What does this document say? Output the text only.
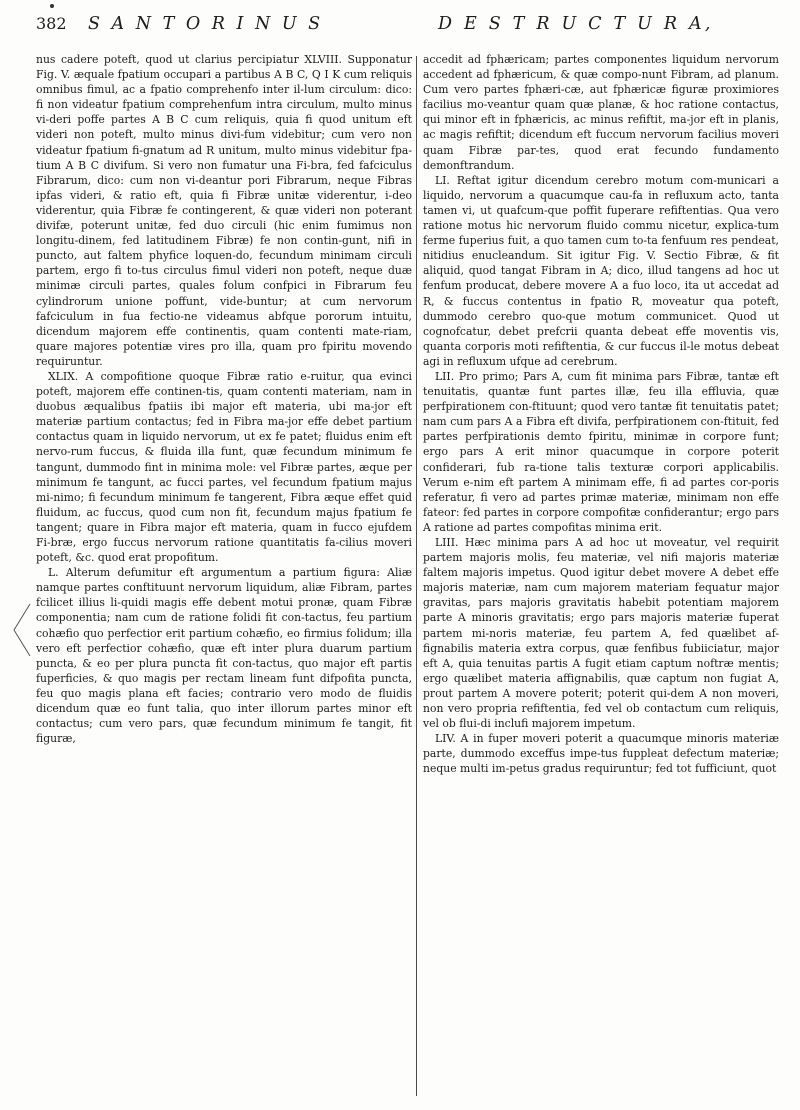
382	S A N T O R I N U S	D E S T R U C T U R A,

nus cadere poteft, quod ut clarius percipiatur XLVIII. Supponatur Fig. V. æquale fpatium occupari a partibus A B C, Q I K cum reliquis omnibus fimul, ac a fpatio comprehenfo inter il-lum circulum: dico: fi non videatur fpatium comprehenfum intra circulum, multo minus vi-deri poffe partes A B C cum reliquis, quia fi quod unitum eft videri non poteft, multo minus divi-fum videbitur; cum vero non videatur fpatium fi-gnatum ad R unitum, multo minus videbitur fpa-tium A B C divifum. Si vero non fumatur una Fi-bra, fed fafciculus Fibrarum, dico: cum non vi-deantur pori Fibrarum, neque Fibras ipfas videri, & ratio eft, quia fi Fibræ unitæ viderentur, i-deo viderentur, quia Fibræ fe contingerent, & quæ videri non poterant divifæ, poterunt unitæ, fed duo circuli (hic enim fumimus non longitu-dinem, fed latitudinem Fibræ) fe non contin-gunt, nifi in puncto, aut faltem phyfice loquen-do, fecundum minimam circuli partem, ergo fi to-tus circulus fimul videri non poteft, neque duæ minimæ circuli partes, quales folum confpici in Fibrarum feu cylindrorum unione poffunt, vide-buntur; at cum nervorum fafciculum in fua fectio-ne videamus abfque pororum intuitu, dicendum majorem effe continentis, quam contenti mate-riam, quare majores potentiæ vires pro illa, quam pro fpiritu movendo requiruntur.

XLIX. A compofitione quoque Fibræ ratio e-ruitur, qua evinci poteft, majorem effe continen-tis, quam contenti materiam, nam in duobus æqualibus fpatiis ibi major eft materia, ubi ma-jor eft materiæ partium contactus; fed in Fibra ma-jor effe debet partium contactus quam in liquido nervorum, ut ex fe patet; fluidus enim eft nervo-rum fuccus, & fluida illa funt, quæ fecundum minimum fe tangunt, dummodo fint in minima mole: vel Fibræ partes, æque per minimum fe tangunt, ac fucci partes, vel fecundum fpatium majus mi-nimo; fi fecundum minimum fe tangerent, Fibra æque effet quid fluidum, ac fuccus, quod cum non fit, fecundum majus fpatium fe tangent; quare in Fibra major eft materia, quam in fucco ejufdem Fi-bræ, ergo fuccus nervorum ratione quantitatis fa-cilius moveri poteft, &c. quod erat propofitum.

L. Alterum defumitur eft argumentum a partium figura: Aliæ namque partes conftituunt nervorum liquidum, aliæ Fibram, partes fcilicet illius li-quidi magis effe debent motui pronæ, quam Fibræ componentia; nam cum de ratione folidi fit con-tactus, feu partium cohæfio quo perfectior erit partium cohæfio, eo firmius folidum; illa vero eft perfectior cohæfio, quæ eft inter plura duarum partium puncta, & eo per plura puncta fit con-tactus, quo major eft partis fuperficies, & quo magis per rectam lineam funt difpofita puncta, feu quo magis plana eft facies; contrario vero modo de fluidis dicendum quæ eo funt talia, quo inter illorum partes minor eft contactus; cum vero pars, quæ fecundum minimum fe tangit, fit figuræ,

accedit ad fphæricam; partes componentes liquidum nervorum accedent ad fphæricum, & quæ compo-nunt Fibram, ad planum. Cum vero partes fphæri-cæ, aut fphæricæ figuræ proximiores facilius mo-veantur quam quæ planæ, & hoc ratione contactus, qui minor eft in fphæricis, ac minus refiftit, ma-jor eft in planis, ac magis refiftit; dicendum eft fuccum nervorum facilius moveri quam Fibræ par-tes, quod erat fecundo fundamento demonftrandum.

LI. Reftat igitur dicendum cerebro motum com-municari a liquido, nervorum a quacumque cau-fa in refluxum acto, tanta tamen vi, ut quafcum-que poffit fuperare refiftentias. Qua vero ratione motus hic nervorum fluido commu nicetur, explica-tum ferme fuperius fuit, a quo tamen cum to-ta fenfuum res pendeat, nitidius enucleandum. Sit igitur Fig. V. Sectio Fibræ, & fit aliquid, quod tangat Fibram in A; dico, illud tangens ad hoc ut fenfum producat, debere movere A a fuo loco, ita ut accedat ad R, & fuccus contentus in fpatio R, moveatur qua poteft, dummodo cerebro quo-que motum communicet. Quod ut cognofcatur, debet prefcrii quanta debeat effe moventis vis, quanta corporis moti refiftentia, & cur fuccus il-le motus debeat agi in refluxum ufque ad cerebrum.

LII. Pro primo; Pars A, cum fit minima pars Fibræ, tantæ eft tenuitatis, quantæ funt partes illæ, feu illa effluvia, quæ perfpirationem con-ftituunt; quod vero tantæ fit tenuitatis patet; nam cum pars A a Fibra eft divifa, perfpirationem con-ftituit, fed partes perfpirationis demto fpiritu, minimæ in corpore funt; ergo pars A erit minor quacumque in corpore poterit confiderari, fub ra-tione talis texturæ corpori applicabilis. Verum e-nim eft partem A minimam effe, fi ad partes cor-poris referatur, fi vero ad partes primæ materiæ, minimam non effe fateor: fed partes in corpore compofitæ confiderantur; ergo pars A ratione ad partes compofitas minima erit.

LIII. Hæc minima pars A ad hoc ut moveatur, vel requirit partem majoris molis, feu materiæ, vel nifi majoris materiæ faltem majoris impetus. Quod igitur debet movere A debet effe majoris materiæ, nam cum majorem materiam fequatur major gravitas, pars majoris gravitatis habebit potentiam majorem parte A minoris gravitatis; ergo pars majoris materiæ fuperat partem mi-noris materiæ, feu partem A, fed quælibet af-fignabilis materia extra corpus, quæ fenfibus fubiiciatur, major eft A, quia tenuitas partis A fugit etiam captum noftræ mentis; ergo quælibet materia affignabilis, quæ captum non fugiat A, prout partem A movere poterit; poterit qui-dem A non moveri, non vero propria refiftentia, fed vel ob contactum cum reliquis, vel ob flui-di inclufi majorem impetum.

LIV. A in fuper moveri poterit a quacumque minoris materiæ parte, dummodo exceffus impe-tus fuppleat defectum materiæ; neque multi im-petus gradus requiruntur; fed tot fufficiunt, quot
